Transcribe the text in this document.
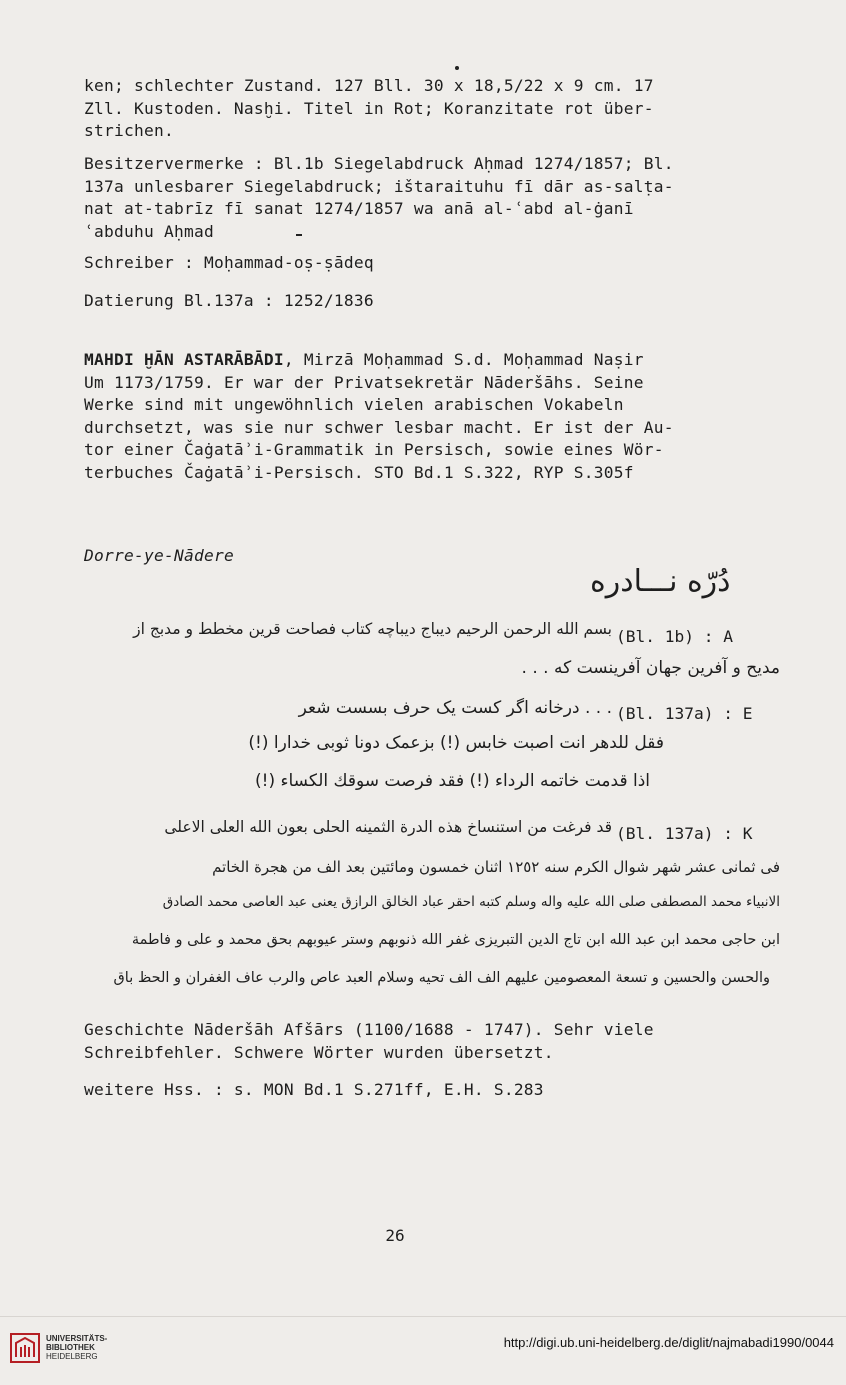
ken; schlechter Zustand. 127 Bll. 30 x 18,5/22 x 9 cm. 17
Zll. Kustoden. Nasḫi. Titel in Rot; Koranzitate rot über-
strichen.
Besitzervermerke : Bl.1b Siegelabdruck Aḥmad 1274/1857; Bl.
137a unlesbarer Siegelabdruck; ištaraituhu fī dār as-salṭa-
nat at-tabrīz fī sanat 1274/1857 wa anā al-ʿabd al-ġanī
ʿabduhu Aḥmad
Schreiber : Moḥammad-oṣ-ṣādeq
Datierung Bl.137a : 1252/1836
MAHDI ḪĀN ASTARĀBĀDI, Mirzā Moḥammad S.d. Moḥammad Naṣir
Um 1173/1759. Er war der Privatsekretär Nāderšāhs. Seine
Werke sind mit ungewöhnlich vielen arabischen Vokabeln
durchsetzt, was sie nur schwer lesbar macht. Er ist der Au-
tor einer Čaġatāʾi-Grammatik in Persisch, sowie eines Wör-
terbuches Čaġatāʾi-Persisch. STO Bd.1 S.322, RYP S.305f
Dorre-ye-Nādere
دُرّه نـــادره
بسم الله الرحمن الرحيم دیباج دیباچه کتاب فصاحت قرین مخطط و مدبج از (Bl. 1b) : A
مدیح و آفرین جهان آفرینست که . . .
. . . درخانه اگر کست یک حرف بسست شعر (Bl. 137a) : E
فقل للدهر انت اصبت خابس (!) بزعمک دونا ثوبی خدارا (!)
اذا قدمت خاتمه الرداء (!) فقد فرصت سوقك الکساء (!)
قد فرغت من استنساخ هذه الدرة الثمینه الحلی بعون الله العلی الاعلی (Bl. 137a) : K
فی ثمانی عشر شهر شوال الکرم سنه ١٢٥٢ اثنان خمسون ومائتین بعد الف من هجرة الخاتم
الانبیاء محمد المصطفی صلی الله علیه واله وسلم کتبه احقر عباد الخالق الرازق یعنی عبد العاصی محمد الصادق
ابن حاجی محمد ابن عبد الله ابن تاج الدین التبریزی غفر الله ذنوبهم وستر عیوبهم بحق محمد و علی و فاطمة
والحسن والحسین و تسعة المعصومین علیهم الف الف تحیه وسلام العبد عاص والرب عاف الغفران و الحظ باق
Geschichte Nāderšāh Afšārs (1100/1688 - 1747). Sehr viele
Schreibfehler. Schwere Wörter wurden übersetzt.
weitere Hss. : s. MON Bd.1 S.271ff, E.H. S.283
26
UNIVERSITÄTS-
BIBLIOTHEK
HEIDELBERG
http://digi.ub.uni-heidelberg.de/diglit/najmabadi1990/0044
